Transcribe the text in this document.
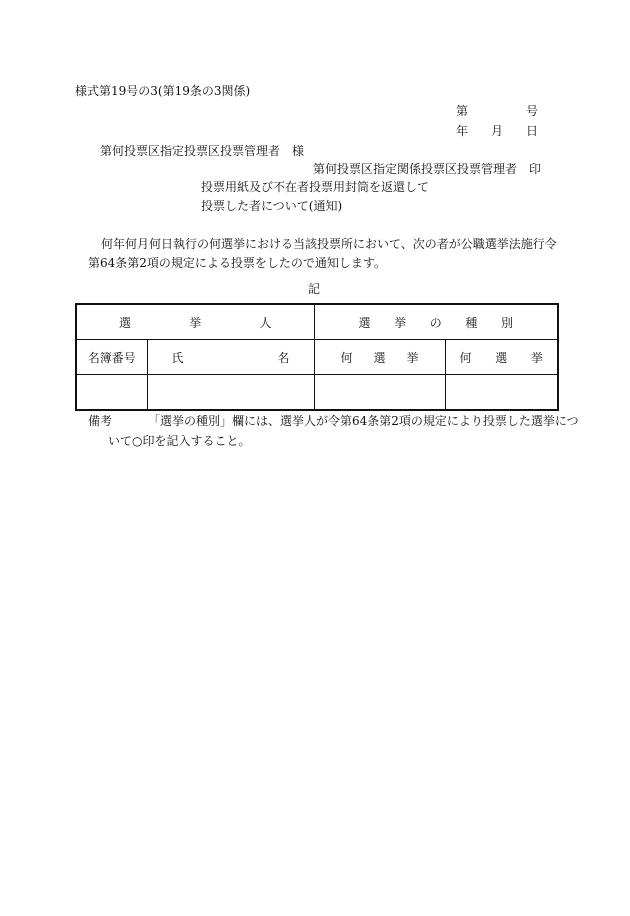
様式第19号の3(第19条の3関係)
第	号
年 月 日
第何投票区指定投票区投票管理者　様
第何投票区指定関係投票区投票管理者　印
投票用紙及び不在者投票用封筒を返還して
投票した者について(通知)
何年何月何日執行の何選挙における当該投票所において、次の者が公職選挙法施行令
第64条第2項の規定による投票をしたので通知します。
記
選 挙 人		選 挙 の 種 別	

名簿番号	氏 名	何 選 挙	何 選 挙

備考	「選挙の種別」欄には、選挙人が令第64条第2項の規定により投票した選挙につ
いて○印を記入すること。
